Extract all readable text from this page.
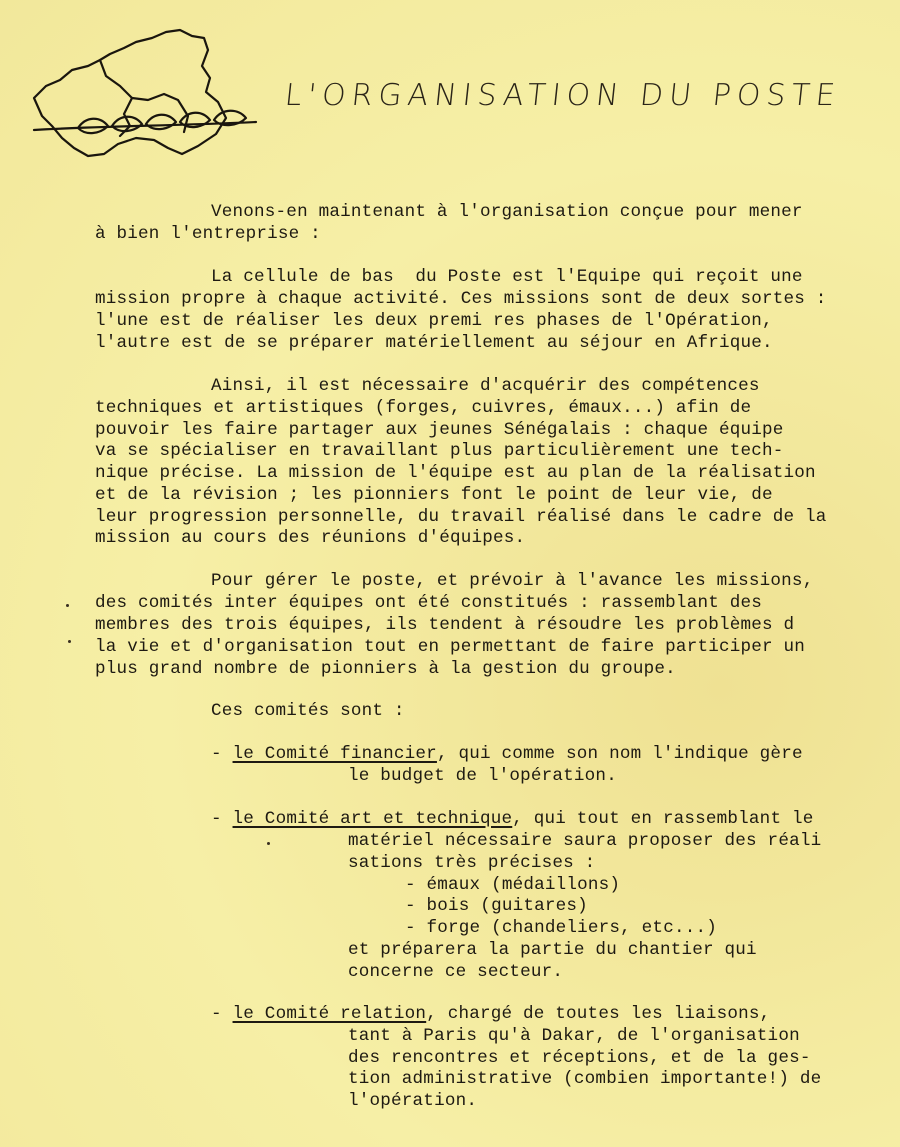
L'ORGANISATION DU POSTE
Venons-en maintenant à l'organisation conçue pour mener
à bien l'entreprise :
La cellule de bas  du Poste est l'Equipe qui reçoit une
mission propre à chaque activité. Ces missions sont de deux sortes :
l'une est de réaliser les deux premi res phases de l'Opération,
l'autre est de se préparer matériellement au séjour en Afrique.
Ainsi, il est nécessaire d'acquérir des compétences
techniques et artistiques (forges, cuivres, émaux...) afin de
pouvoir les faire partager aux jeunes Sénégalais : chaque équipe
va se spécialiser en travaillant plus particulièrement une tech-
nique précise. La mission de l'équipe est au plan de la réalisation
et de la révision ; les pionniers font le point de leur vie, de
leur progression personnelle, du travail réalisé dans le cadre de la
mission au cours des réunions d'équipes.
Pour gérer le poste, et prévoir à l'avance les missions,
des comités inter équipes ont été constitués : rassemblant des
membres des trois équipes, ils tendent à résoudre les problèmes d
la vie et d'organisation tout en permettant de faire participer un
plus grand nombre de pionniers à la gestion du groupe.
Ces comités sont :
- le Comité financier, qui comme son nom l'indique gère
le budget de l'opération.
- le Comité art et technique, qui tout en rassemblant le
matériel nécessaire saura proposer des réali
sations très précises :
- émaux (médaillons)
- bois (guitares)
- forge (chandeliers, etc...)
et préparera la partie du chantier qui
concerne ce secteur.
- le Comité relation, chargé de toutes les liaisons,
tant à Paris qu'à Dakar, de l'organisation
des rencontres et réceptions, et de la ges-
tion administrative (combien importante!) de
l'opération.
